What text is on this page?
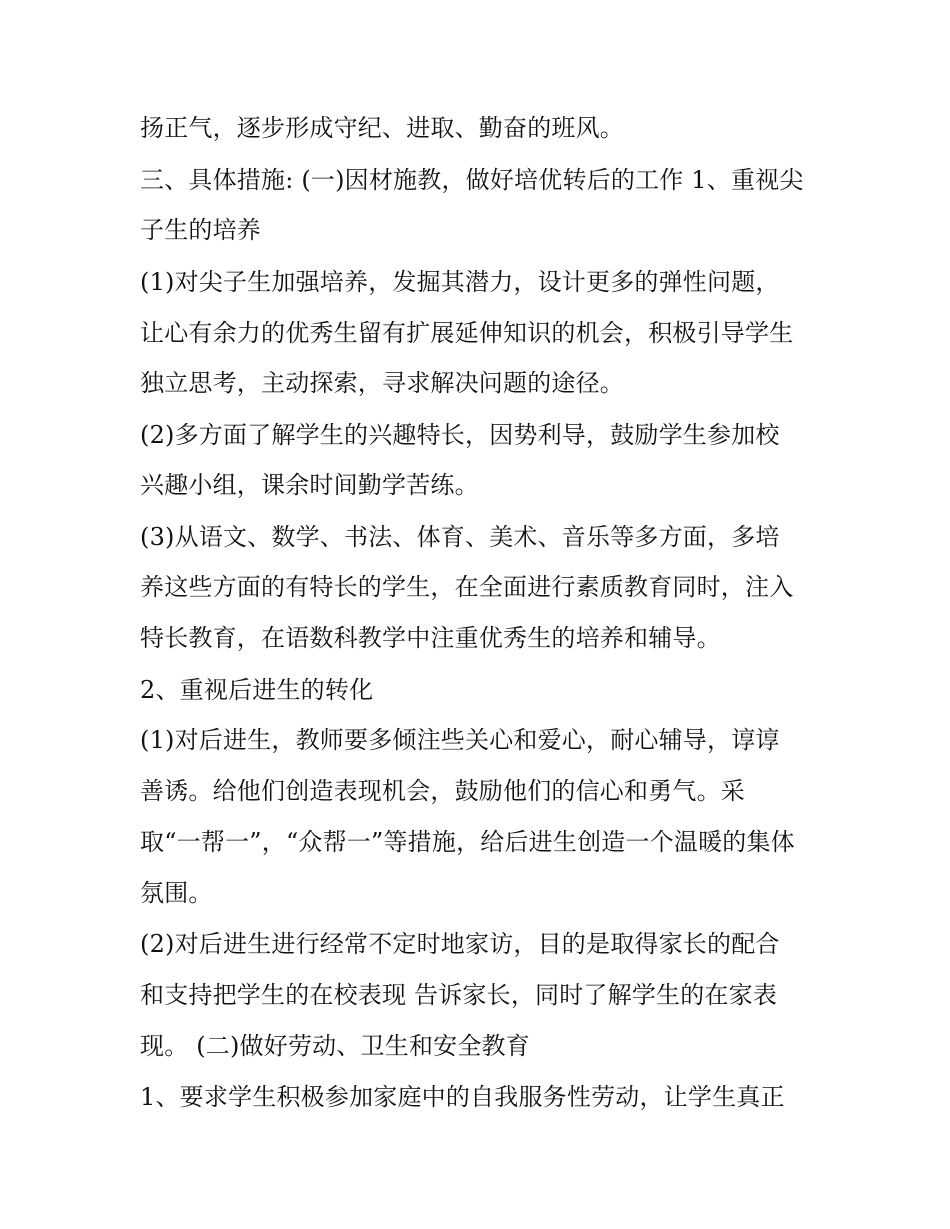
扬正气，逐步形成守纪、进取、勤奋的班风。
三、具体措施: (一)因材施教，做好培优转后的工作 1、重视尖
子生的培养
(1)对尖子生加强培养，发掘其潜力，设计更多的弹性问题，
让心有余力的优秀生留有扩展延伸知识的机会，积极引导学生
独立思考，主动探索，寻求解决问题的途径。
(2)多方面了解学生的兴趣特长，因势利导，鼓励学生参加校
兴趣小组，课余时间勤学苦练。
(3)从语文、数学、书法、体育、美术、音乐等多方面，多培
养这些方面的有特长的学生，在全面进行素质教育同时，注入
特长教育，在语数科教学中注重优秀生的培养和辅导。
2、重视后进生的转化
(1)对后进生，教师要多倾注些关心和爱心，耐心辅导，谆谆
善诱。给他们创造表现机会，鼓励他们的信心和勇气。采
取“一帮一”，“众帮一”等措施，给后进生创造一个温暖的集体
氛围。
(2)对后进生进行经常不定时地家访，目的是取得家长的配合
和支持把学生的在校表现 告诉家长，同时了解学生的在家表
现。 (二)做好劳动、卫生和安全教育
1、要求学生积极参加家庭中的自我服务性劳动，让学生真正
